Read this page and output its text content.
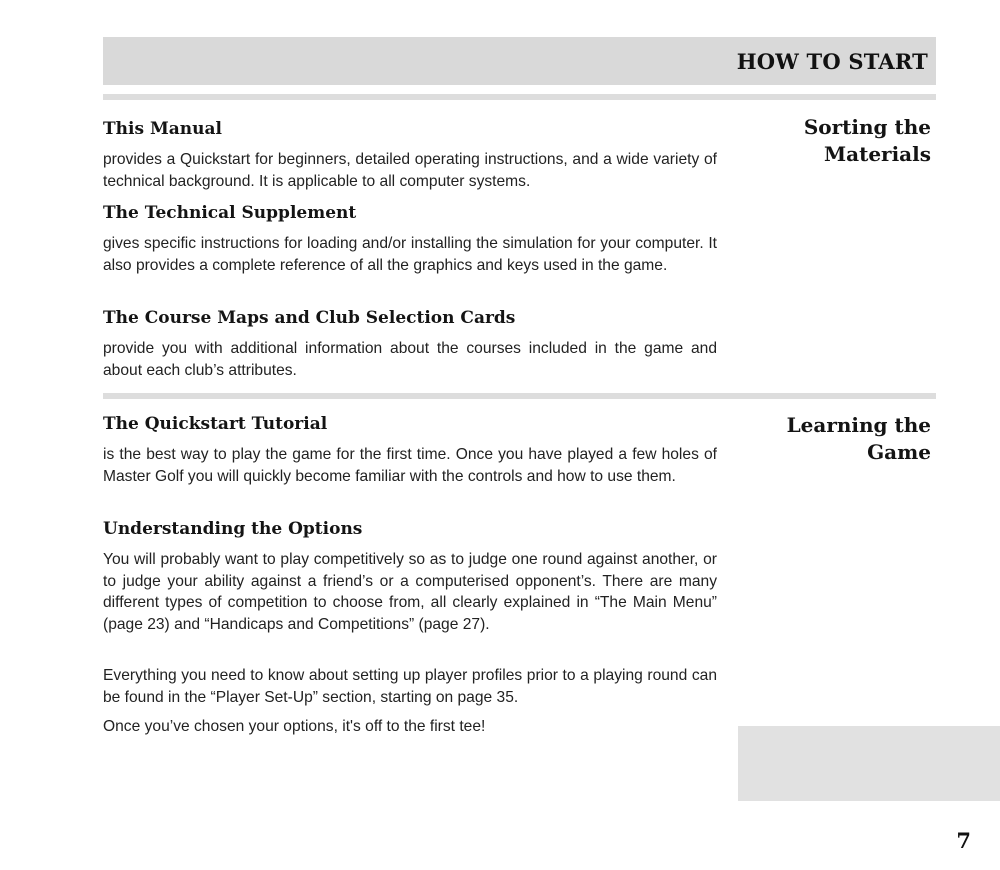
HOW TO START
Sorting the
Materials
This Manual

provides a Quickstart for beginners, detailed operating instructions, and a wide variety of technical background. It is applicable to all computer systems.

The Technical Supplement

gives specific instructions for loading and/or installing the simulation for your computer. It also provides a complete reference of all the graphics and keys used in the game.

The Course Maps and Club Selection Cards

provide you with additional information about the courses included in the game and about each club’s attributes.

Learning the
Game
The Quickstart Tutorial

is the best way to play the game for the first time. Once you have played a few holes of Master Golf you will quickly become familiar with the controls and how to use them.

Understanding the Options

You will probably want to play competitively so as to judge one round against another, or to judge your ability against a friend’s or a computerised opponent’s. There are many different types of competition to choose from, all clearly explained in “The Main Menu” (page 23) and “Handicaps and Competitions” (page 27).

Everything you need to know about setting up player profiles prior to a playing round can be found in the “Player Set-Up” section, starting on page 35.

Once you’ve chosen your options, it's off to the first tee!

7
